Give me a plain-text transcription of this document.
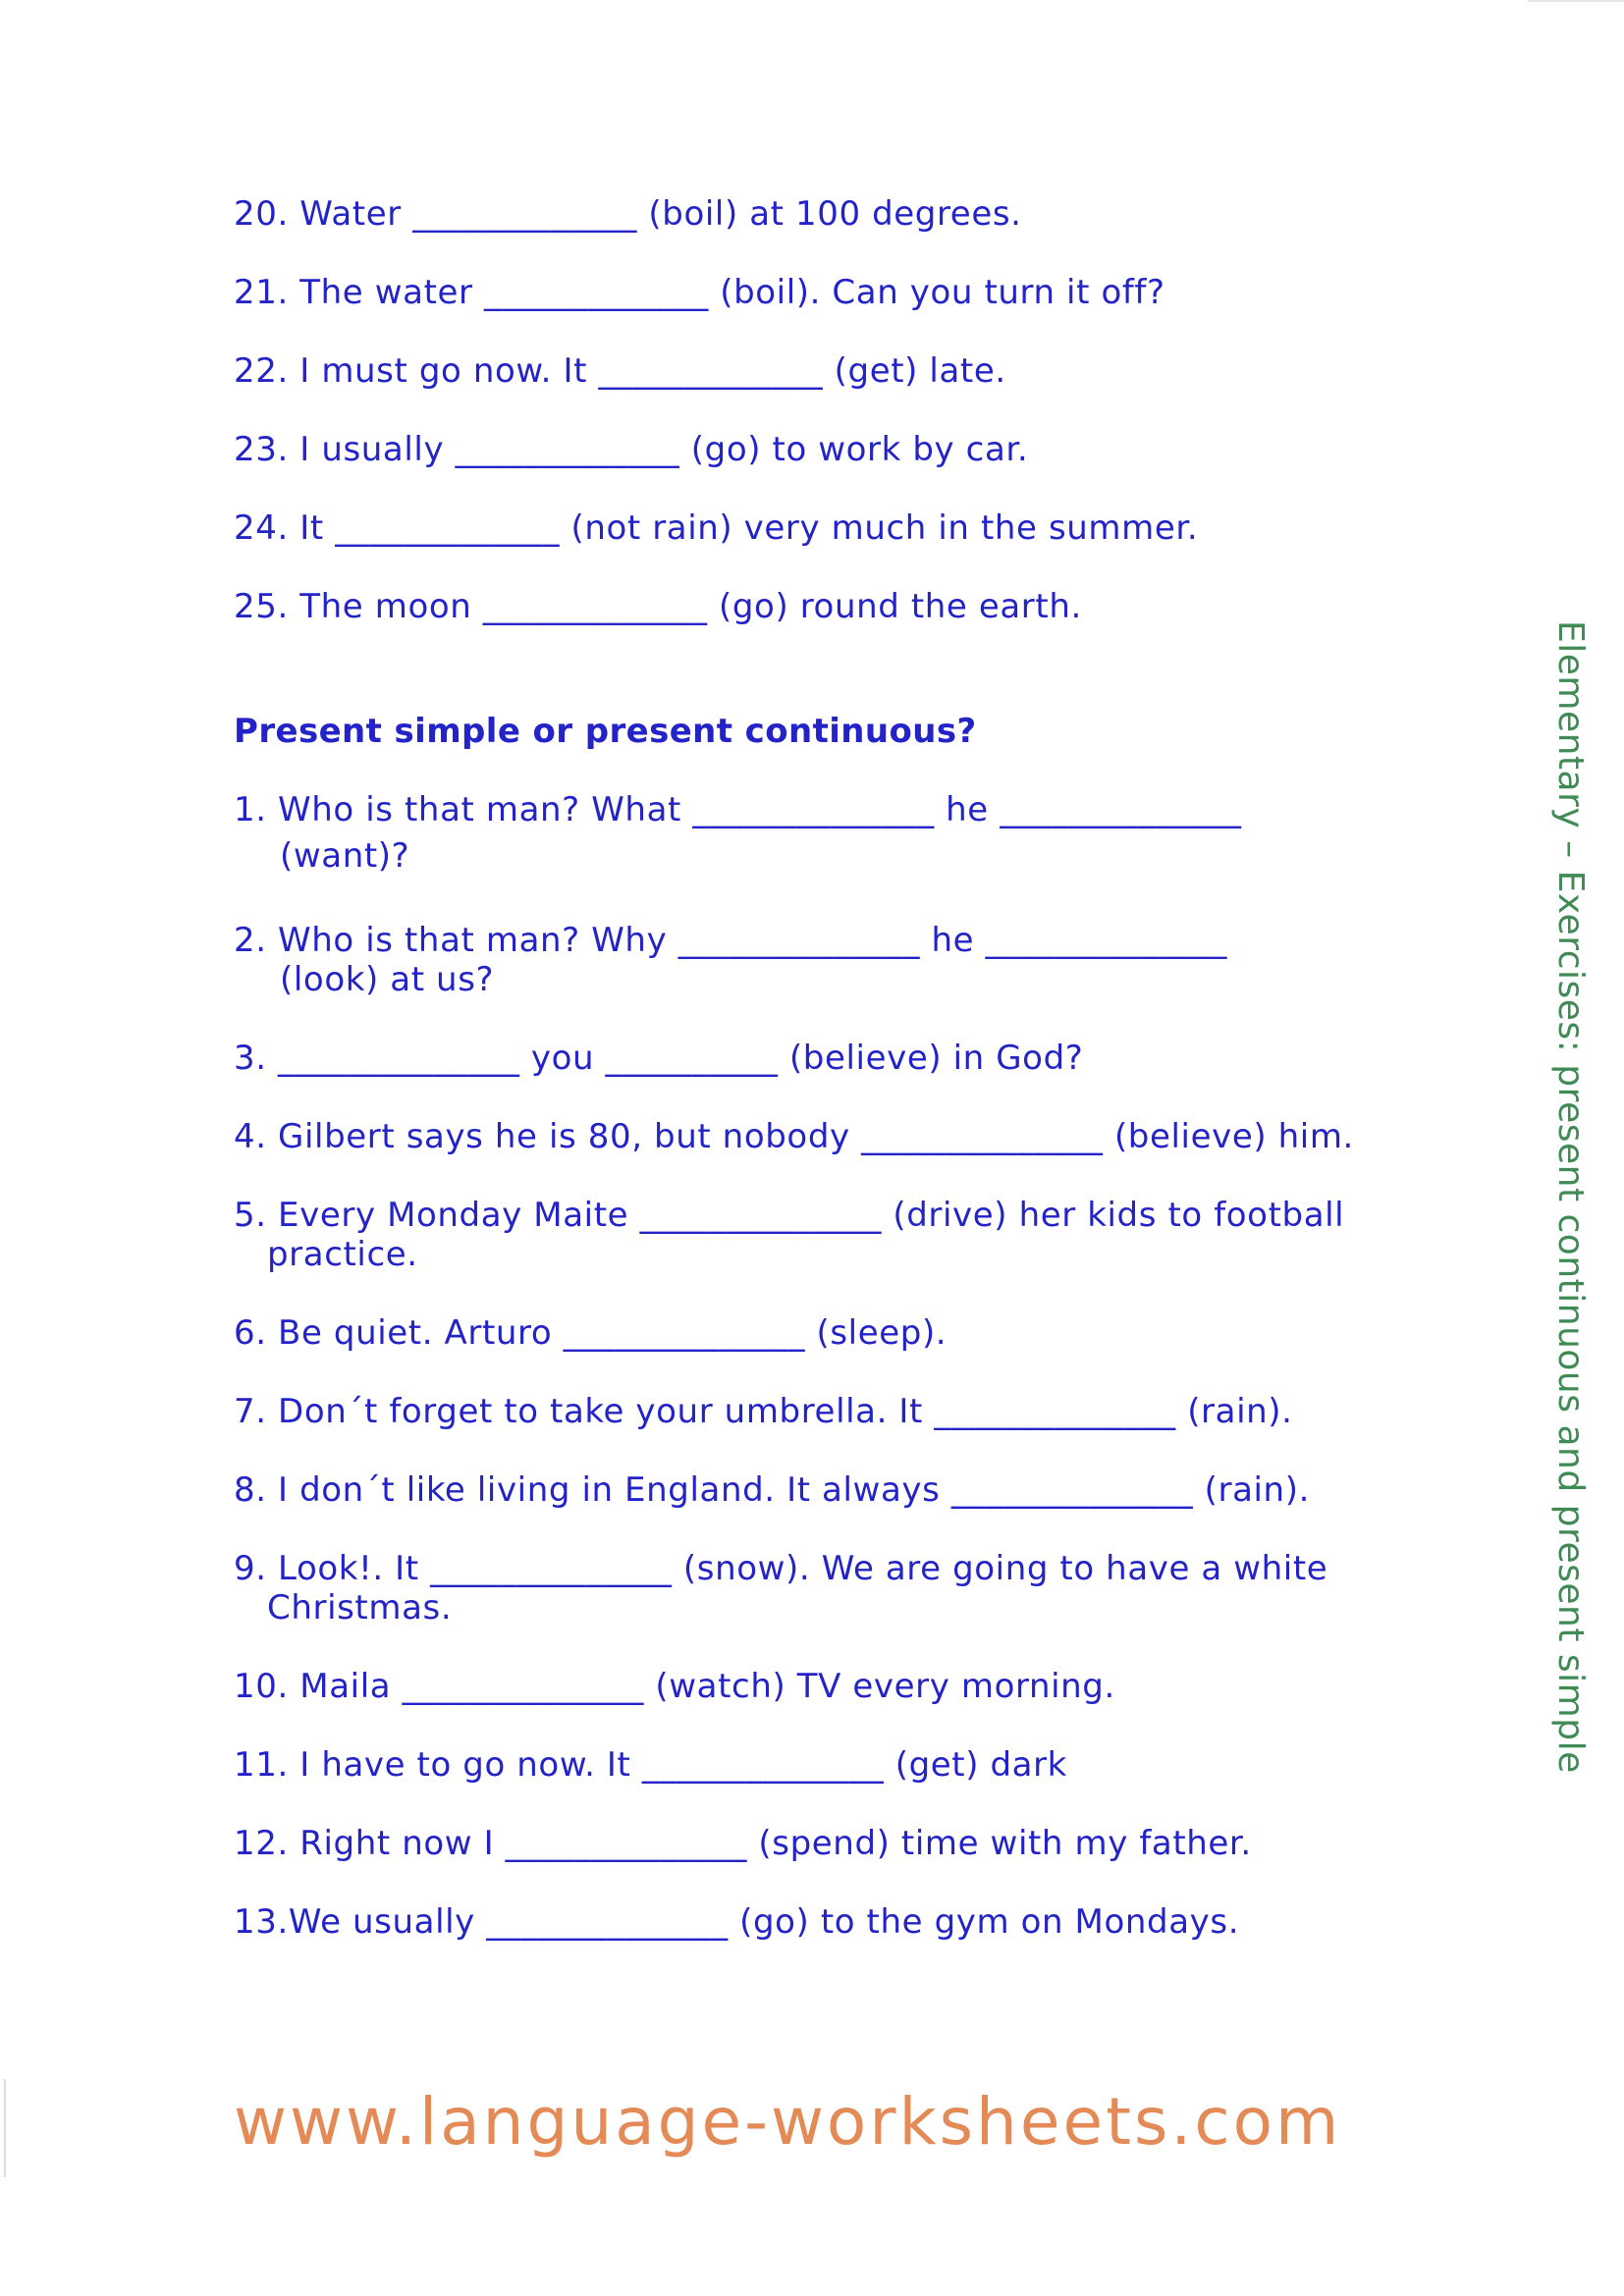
20. Water _____________ (boil) at 100 degrees.
21. The water _____________ (boil). Can you turn it off?
22. I must go now. It _____________ (get) late.
23. I usually _____________ (go) to work by car.
24. It _____________ (not rain) very much in the summer.
25. The moon _____________ (go) round the earth.
Present simple or present continuous?
1. Who is that man? What ______________ he ______________
(want)?
2. Who is that man? Why ______________ he ______________
(look) at us?
3. ______________ you __________ (believe) in God?
4. Gilbert says he is 80, but nobody ______________ (believe) him.
5. Every Monday Maite ______________ (drive) her kids to football
practice.
6. Be quiet. Arturo ______________ (sleep).
7. Don´t forget to take your umbrella. It ______________ (rain).
8. I don´t like living in England. It always ______________ (rain).
9. Look!. It ______________ (snow). We are going to have a white
Christmas.
10. Maila ______________ (watch) TV every morning.
11. I have to go now. It ______________ (get) dark
12. Right now I ______________ (spend) time with my father.
13.We usually ______________ (go) to the gym on Mondays.
Elementary – Exercises: present continuous and present simple
www.language-worksheets.com
